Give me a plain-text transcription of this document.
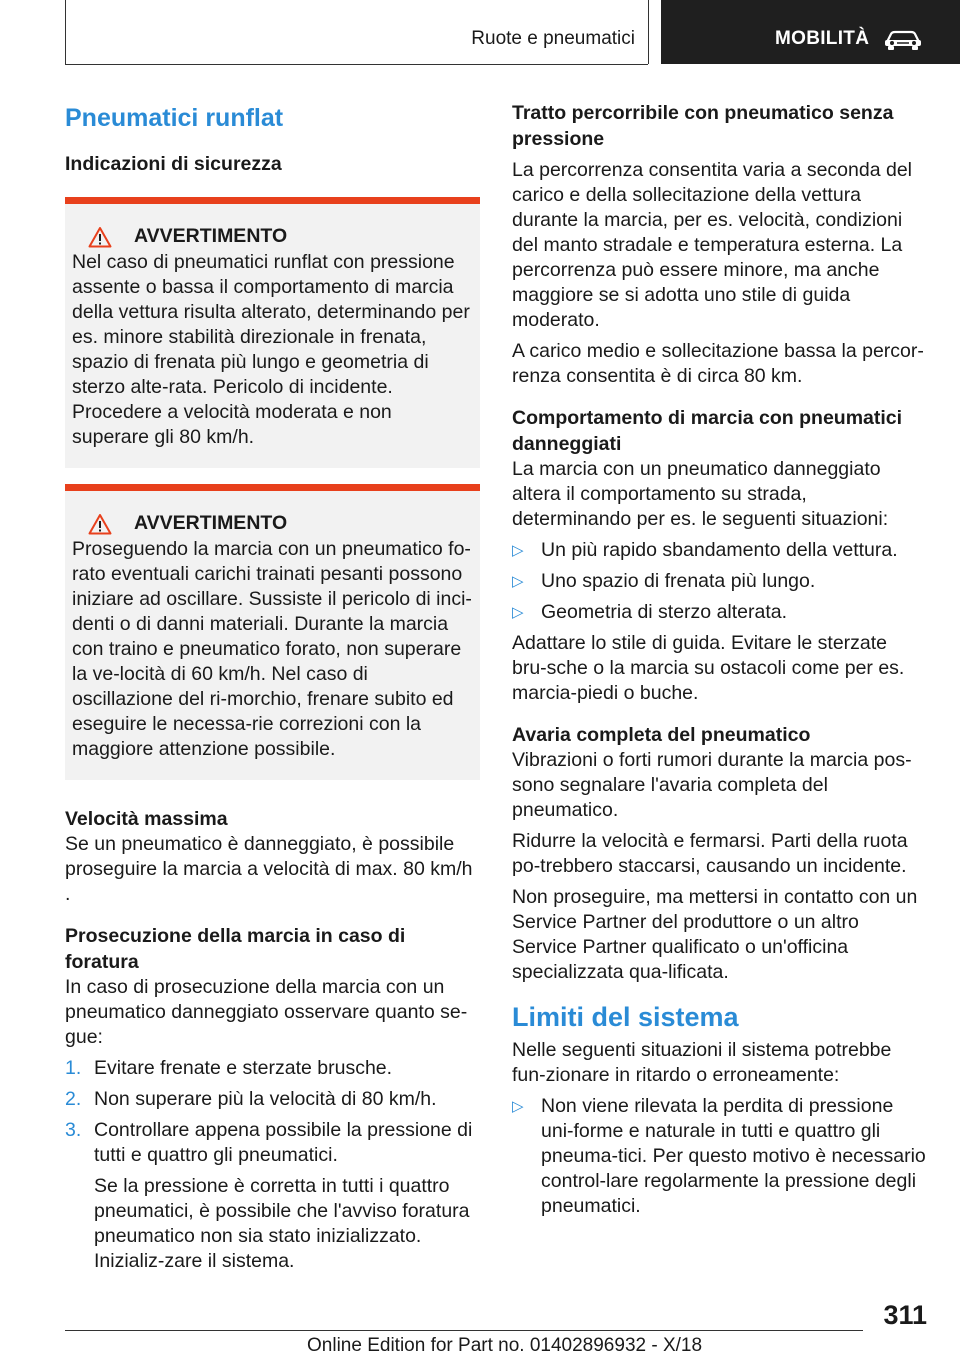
Ruote e pneumatici	MOBILITÀ
Pneumatici runflat
Indicazioni di sicurezza
AVVERTIMENTO

Nel caso di pneumatici runflat con pressione assente o bassa il comportamento di marcia della vettura risulta alterato, determinando per es. minore stabilità direzionale in frenata, spazio di frenata più lungo e geometria di sterzo alte-rata. Pericolo di incidente. Procedere a velocità moderata e non superare gli 80 km/h.

AVVERTIMENTO

Proseguendo la marcia con un pneumatico fo-rato eventuali carichi trainati pesanti possono iniziare ad oscillare. Sussiste il pericolo di inci-denti o di danni materiali. Durante la marcia con traino e pneumatico forato, non superare la ve-locità di 60 km/h. Nel caso di oscillazione del ri-morchio, frenare subito ed eseguire le necessa-rie correzioni con la maggiore attenzione possibile.

Velocità massima

Se un pneumatico è danneggiato, è possibile proseguire la marcia a velocità di max. 80 km/h .

Prosecuzione della marcia in caso di foratura

In caso di prosecuzione della marcia con un pneumatico danneggiato osservare quanto se-gue:

1. Evitare frenate e sterzate brusche.

2. Non superare più la velocità di 80 km/h.

3. Controllare appena possibile la pressione di tutti e quattro gli pneumatici.

Se la pressione è corretta in tutti i quattro pneumatici, è possibile che l'avviso foratura pneumatico non sia stato inizializzato. Inizializ-zare il sistema.

Tratto percorribile con pneumatico senza pressione

La percorrenza consentita varia a seconda del carico e della sollecitazione della vettura durante la marcia, per es. velocità, condizioni del manto stradale e temperatura esterna. La percorrenza può essere minore, ma anche maggiore se si adotta uno stile di guida moderato.

A carico medio e sollecitazione bassa la percor-renza consentita è di circa 80 km.

Comportamento di marcia con pneumatici danneggiati

La marcia con un pneumatico danneggiato altera il comportamento su strada, determinando per es. le seguenti situazioni:

▷ Un più rapido sbandamento della vettura.

▷ Uno spazio di frenata più lungo.

▷ Geometria di sterzo alterata.

Adattare lo stile di guida. Evitare le sterzate bru-sche o la marcia su ostacoli come per es. marcia-piedi o buche.

Avaria completa del pneumatico

Vibrazioni o forti rumori durante la marcia pos-sono segnalare l'avaria completa del pneumatico.

Ridurre la velocità e fermarsi. Parti della ruota po-trebbero staccarsi, causando un incidente.

Non proseguire, ma mettersi in contatto con un Service Partner del produttore o un altro Service Partner qualificato o un'officina specializzata qua-lificata.

Limiti del sistema

Nelle seguenti situazioni il sistema potrebbe fun-zionare in ritardo o erroneamente:

▷ Non viene rilevata la perdita di pressione uni-forme e naturale in tutti e quattro gli pneuma-tici. Per questo motivo è necessario control-lare regolarmente la pressione degli pneumatici.

311
Online Edition for Part no. 01402896932 - X/18
